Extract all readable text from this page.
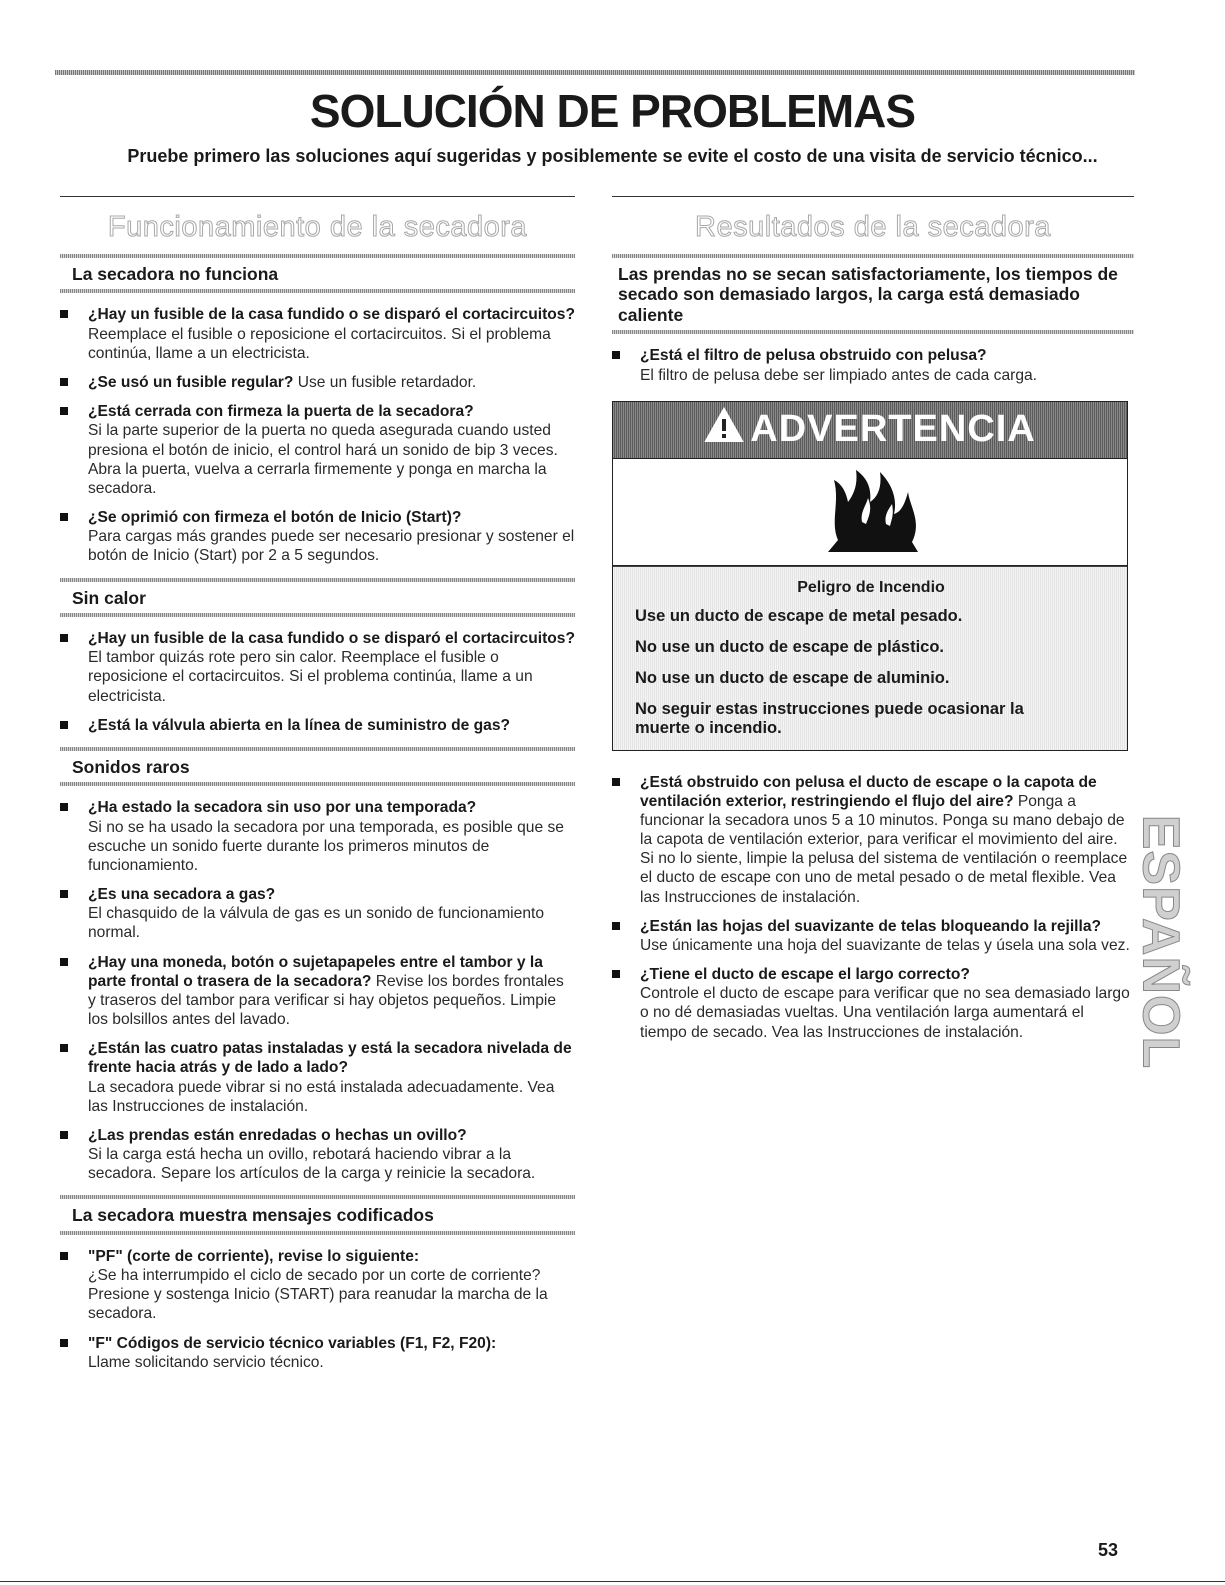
SOLUCIÓN DE PROBLEMAS

Pruebe primero las soluciones aquí sugeridas y posiblemente se evite el costo de una visita de servicio técnico...

Funcionamiento de la secadora
La secadora no funciona
¿Hay un fusible de la casa fundido o se disparó el cortacircuitos?
Reemplace el fusible o reposicione el cortacircuitos. Si el problema continúa, llame a un electricista.
¿Se usó un fusible regular? Use un fusible retardador.
¿Está cerrada con firmeza la puerta de la secadora?
Si la parte superior de la puerta no queda asegurada cuando usted presiona el botón de inicio, el control hará un sonido de bip 3 veces. Abra la puerta, vuelva a cerrarla firmemente y ponga en marcha la secadora.
¿Se oprimió con firmeza el botón de Inicio (Start)?
Para cargas más grandes puede ser necesario presionar y sostener el botón de Inicio (Start) por 2 a 5 segundos.
Sin calor
¿Hay un fusible de la casa fundido o se disparó el cortacircuitos?
El tambor quizás rote pero sin calor. Reemplace el fusible o reposicione el cortacircuitos. Si el problema continúa, llame a un electricista.
¿Está la válvula abierta en la línea de suministro de gas?
Sonidos raros
¿Ha estado la secadora sin uso por una temporada?
Si no se ha usado la secadora por una temporada, es posible que se escuche un sonido fuerte durante los primeros minutos de funcionamiento.
¿Es una secadora a gas?
El chasquido de la válvula de gas es un sonido de funcionamiento normal.
¿Hay una moneda, botón o sujetapapeles entre el tambor y la parte frontal o trasera de la secadora? Revise los bordes frontales y traseros del tambor para verificar si hay objetos pequeños. Limpie los bolsillos antes del lavado.
¿Están las cuatro patas instaladas y está la secadora nivelada de frente hacia atrás y de lado a lado?
La secadora puede vibrar si no está instalada adecuadamente. Vea las Instrucciones de instalación.
¿Las prendas están enredadas o hechas un ovillo?
Si la carga está hecha un ovillo, rebotará haciendo vibrar a la secadora. Separe los artículos de la carga y reinicie la secadora.
La secadora muestra mensajes codificados
"PF" (corte de corriente), revise lo siguiente:
¿Se ha interrumpido el ciclo de secado por un corte de corriente? Presione y sostenga Inicio (START) para reanudar la marcha de la secadora.
"F" Códigos de servicio técnico variables (F1, F2, F20):
Llame solicitando servicio técnico.
Resultados de la secadora
Las prendas no se secan satisfactoriamente, los tiempos de secado son demasiado largos, la carga está demasiado caliente
¿Está el filtro de pelusa obstruido con pelusa?
El filtro de pelusa debe ser limpiado antes de cada carga.
ADVERTENCIA
Peligro de Incendio
Use un ducto de escape de metal pesado.
No use un ducto de escape de plástico.
No use un ducto de escape de aluminio.
No seguir estas instrucciones puede ocasionar la muerte o incendio.
¿Está obstruido con pelusa el ducto de escape o la capota de ventilación exterior, restringiendo el flujo del aire? Ponga a funcionar la secadora unos 5 a 10 minutos. Ponga su mano debajo de la capota de ventilación exterior, para verificar el movimiento del aire. Si no lo siente, limpie la pelusa del sistema de ventilación o reemplace el ducto de escape con uno de metal pesado o de metal flexible. Vea las Instrucciones de instalación.
¿Están las hojas del suavizante de telas bloqueando la rejilla?
Use únicamente una hoja del suavizante de telas y úsela una sola vez.
¿Tiene el ducto de escape el largo correcto?
Controle el ducto de escape para verificar que no sea demasiado largo o no dé demasiadas vueltas. Una ventilación larga aumentará el tiempo de secado. Vea las Instrucciones de instalación.	ESPAÑOL
53
